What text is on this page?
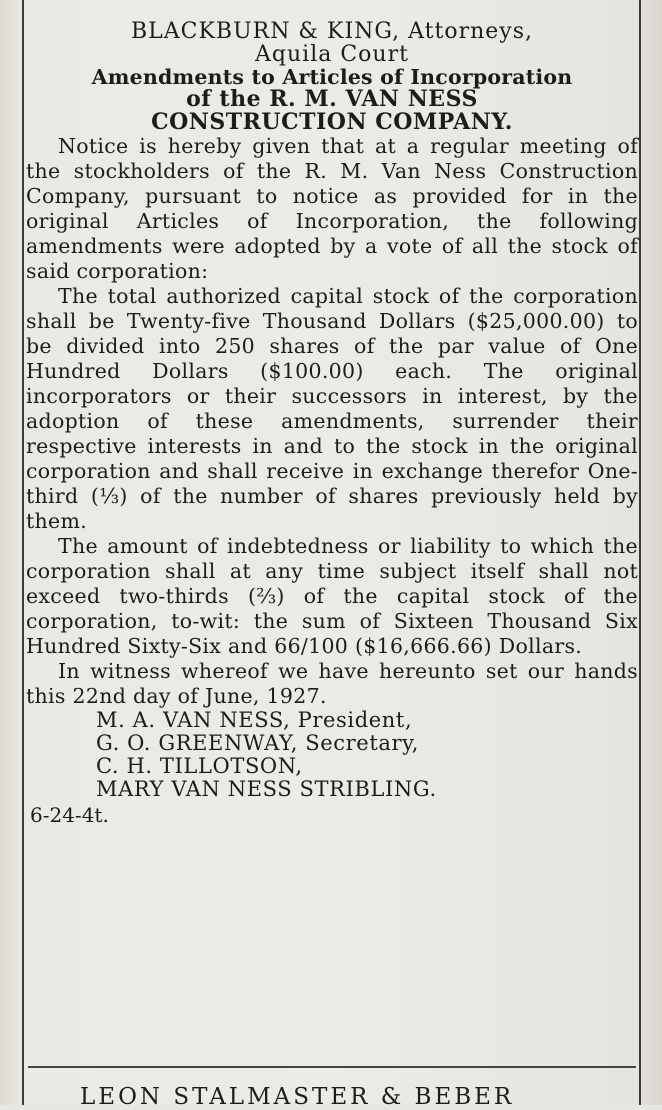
BLACKBURN & KING, Attorneys,

Aquila Court

Amendments to Articles of Incorporation

of the R. M. VAN NESS

CONSTRUCTION COMPANY.

Notice is hereby given that at a regular meeting of the stockholders of the R. M. Van Ness Construction Company, pursuant to notice as provided for in the original Articles of Incorporation, the following amendments were adopted by a vote of all the stock of said corporation:

The total authorized capital stock of the corporation shall be Twenty-five Thousand Dollars ($25,000.00) to be divided into 250 shares of the par value of One Hundred Dollars ($100.00) each. The original incorporators or their successors in interest, by the adoption of these amendments, surrender their respective interests in and to the stock in the original corporation and shall receive in exchange therefor One-third (⅓) of the number of shares previously held by them.

The amount of indebtedness or liability to which the corporation shall at any time subject itself shall not exceed two-thirds (⅔) of the capital stock of the corporation, to-wit: the sum of Sixteen Thousand Six Hundred Sixty-Six and 66/100 ($16,666.66) Dollars.

In witness whereof we have hereunto set our hands this 22nd day of June, 1927.

M. A. VAN NESS, President,
G. O. GREENWAY, Secretary,
C. H. TILLOTSON,
MARY VAN NESS STRIBLING.

6-24-4t.

LEON STALMASTER & BEBER
